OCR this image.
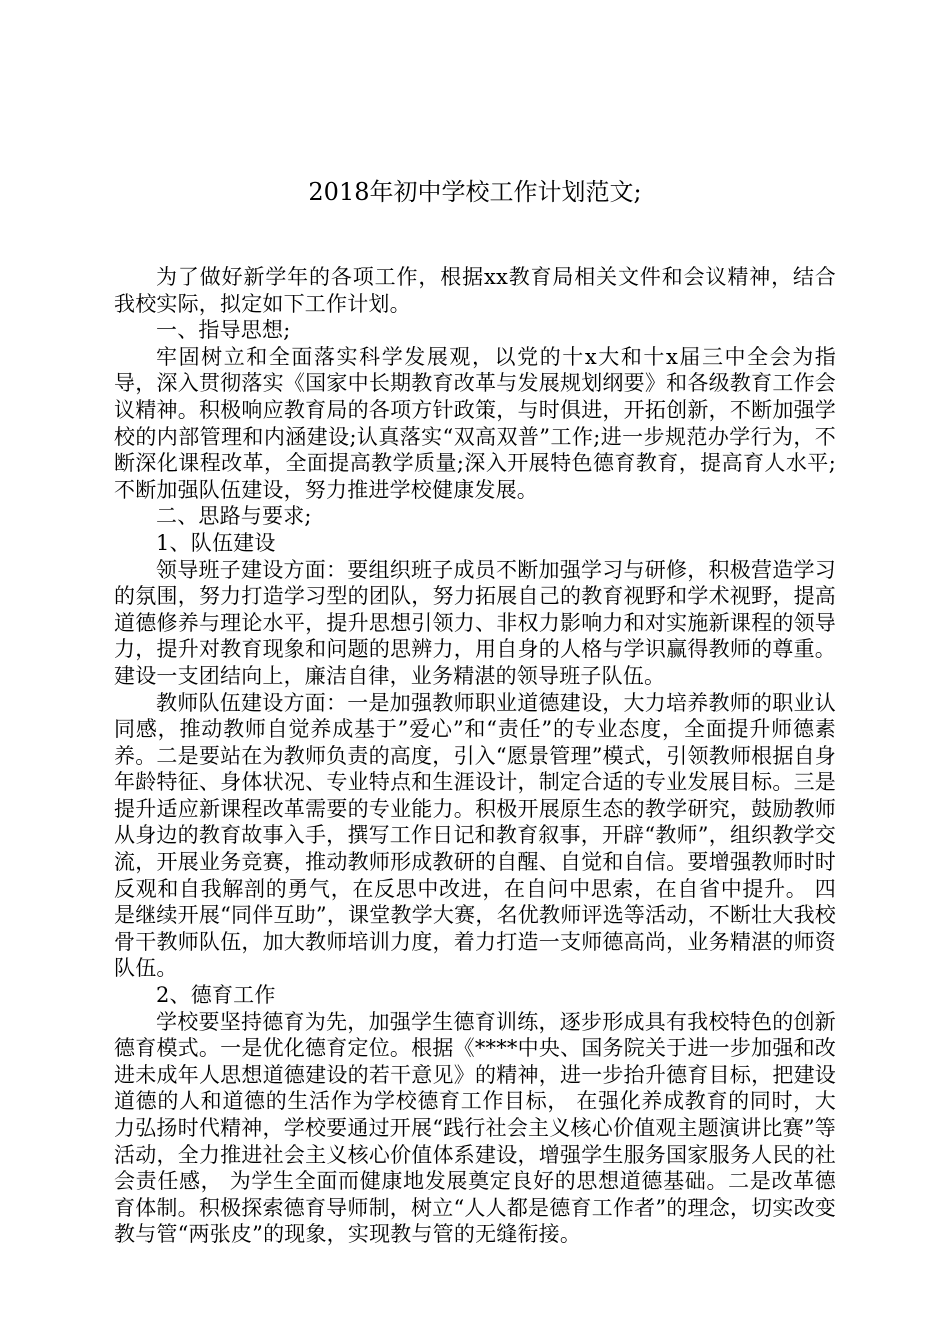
2018年初中学校工作计划范文;

为了做好新学年的各项工作，根据xx教育局相关文件和会议精神，结合我校实际，拟定如下工作计划。

一、指导思想;

牢固树立和全面落实科学发展观，以党的十x大和十x届三中全会为指导，深入贯彻落实《国家中长期教育改革与发展规划纲要》和各级教育工作会议精神。积极响应教育局的各项方针政策，与时俱进，开拓创新，不断加强学校的内部管理和内涵建设;认真落实“双高双普”工作;进一步规范办学行为，不断深化课程改革，全面提高教学质量;深入开展特色德育教育，提高育人水平;不断加强队伍建设，努力推进学校健康发展。

二、思路与要求;

1、队伍建设

领导班子建设方面：要组织班子成员不断加强学习与研修，积极营造学习的氛围，努力打造学习型的团队，努力拓展自己的教育视野和学术视野，提高道德修养与理论水平，提升思想引领力、非权力影响力和对实施新课程的领导力，提升对教育现象和问题的思辨力，用自身的人格与学识赢得教师的尊重。建设一支团结向上，廉洁自律，业务精湛的领导班子队伍。

教师队伍建设方面：一是加强教师职业道德建设，大力培养教师的职业认同感，推动教师自觉养成基于”爱心”和“责任”的专业态度，全面提升师德素养。二是要站在为教师负责的高度，引入“愿景管理”模式，引领教师根据自身年龄特征、身体状况、专业特点和生涯设计，制定合适的专业发展目标。三是提升适应新课程改革需要的专业能力。积极开展原生态的教学研究，鼓励教师从身边的教育故事入手，撰写工作日记和教育叙事，开辟“教师”，组织教学交流，开展业务竞赛，推动教师形成教研的自醒、自觉和自信。要增强教师时时反观和自我解剖的勇气，在反思中改进，在自问中思索，在自省中提升。 四是继续开展“同伴互助”，课堂教学大赛，名优教师评选等活动，不断壮大我校骨干教师队伍，加大教师培训力度，着力打造一支师德高尚，业务精湛的师资队伍。

2、德育工作

学校要坚持德育为先，加强学生德育训练，逐步形成具有我校特色的创新德育模式。一是优化德育定位。根据《****中央、国务院关于进一步加强和改进未成年人思想道德建设的若干意见》的精神，进一步抬升德育目标，把建设道德的人和道德的生活作为学校德育工作目标， 在强化养成教育的同时，大力弘扬时代精神，学校要通过开展“践行社会主义核心价值观主题演讲比赛”等活动，全力推进社会主义核心价值体系建设，增强学生服务国家服务人民的社会责任感， 为学生全面而健康地发展奠定良好的思想道德基础。二是改革德育体制。积极探索德育导师制，树立“人人都是德育工作者”的理念，切实改变教与管“两张皮”的现象，实现教与管的无缝衔接。
